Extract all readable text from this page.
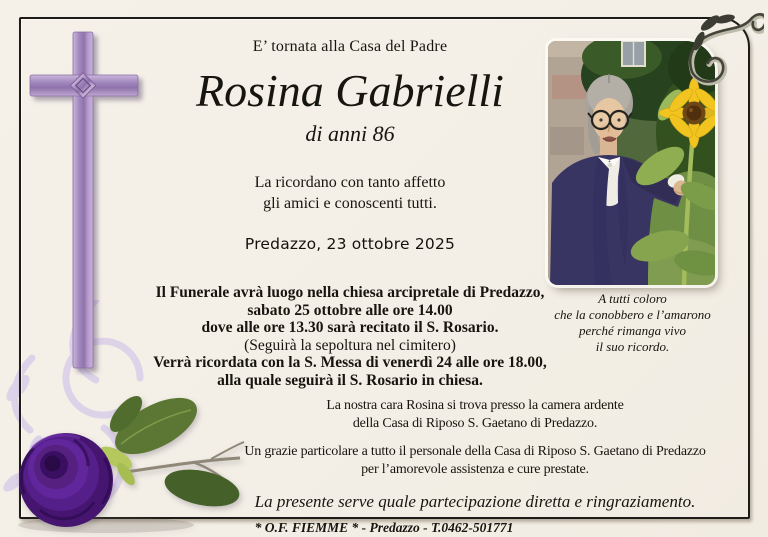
E’ tornata alla Casa del Padre
Rosina Gabrielli
di anni 86
La ricordano con tanto affetto
gli amici e conoscenti tutti.
Predazzo, 23 ottobre 2025
Il Funerale avrà luogo nella chiesa arcipretale di Predazzo,
sabato 25 ottobre alle ore 14.00
dove alle ore 13.30 sarà recitato il S. Rosario.
(Seguirà la sepoltura nel cimitero)
Verrà ricordata con la S. Messa di venerdì 24 alle ore 18.00,
alla quale seguirà il S. Rosario in chiesa.
A tutti coloro
che la conobbero e l’amarono
perché rimanga vivo
il suo ricordo.
La nostra cara Rosina si trova presso la camera ardente
della Casa di Riposo S. Gaetano di Predazzo.
Un grazie particolare a tutto il personale della Casa di Riposo S. Gaetano di Predazzo
per l’amorevole assistenza e cure prestate.
La presente serve quale partecipazione diretta e ringraziamento.
* O.F. FIEMME * - Predazzo - T.0462-501771
